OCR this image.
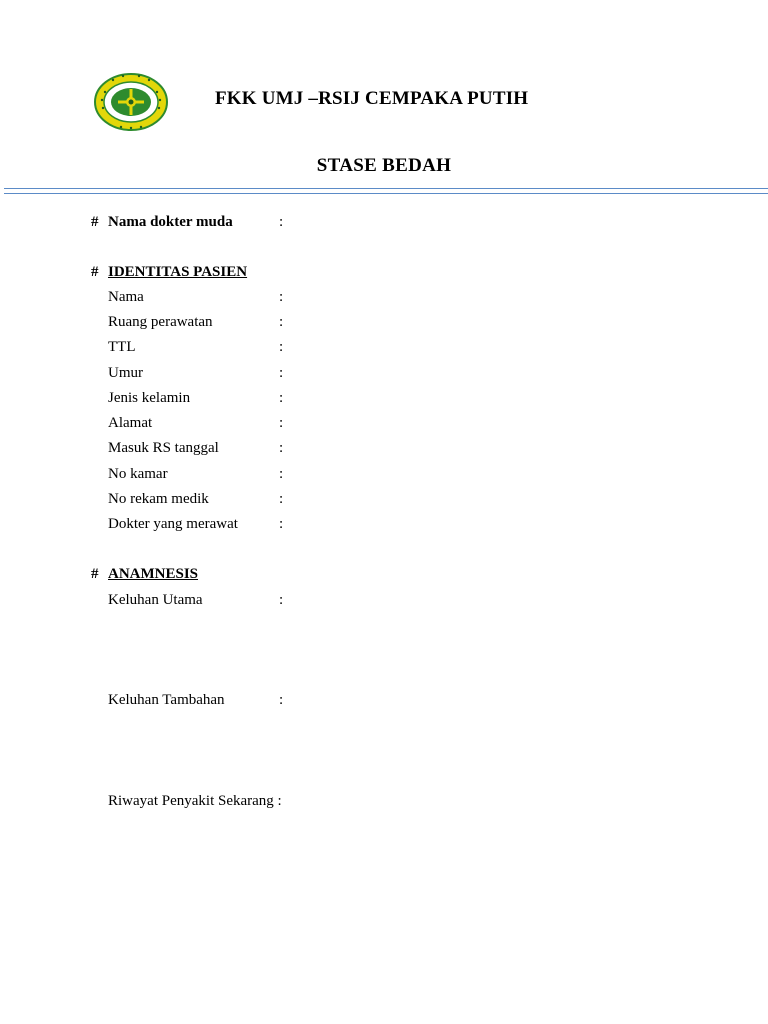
FKK UMJ –RSIJ CEMPAKA PUTIH
STASE BEDAH
# Nama dokter muda	:
# IDENTITAS PASIEN
Nama	:
Ruang perawatan	:
TTL	:
Umur	:
Jenis kelamin	:
Alamat	:
Masuk RS tanggal	:
No kamar	:
No rekam medik	:
Dokter yang merawat	:
# ANAMNESIS
Keluhan Utama	:
Keluhan Tambahan	:
Riwayat Penyakit Sekarang :
